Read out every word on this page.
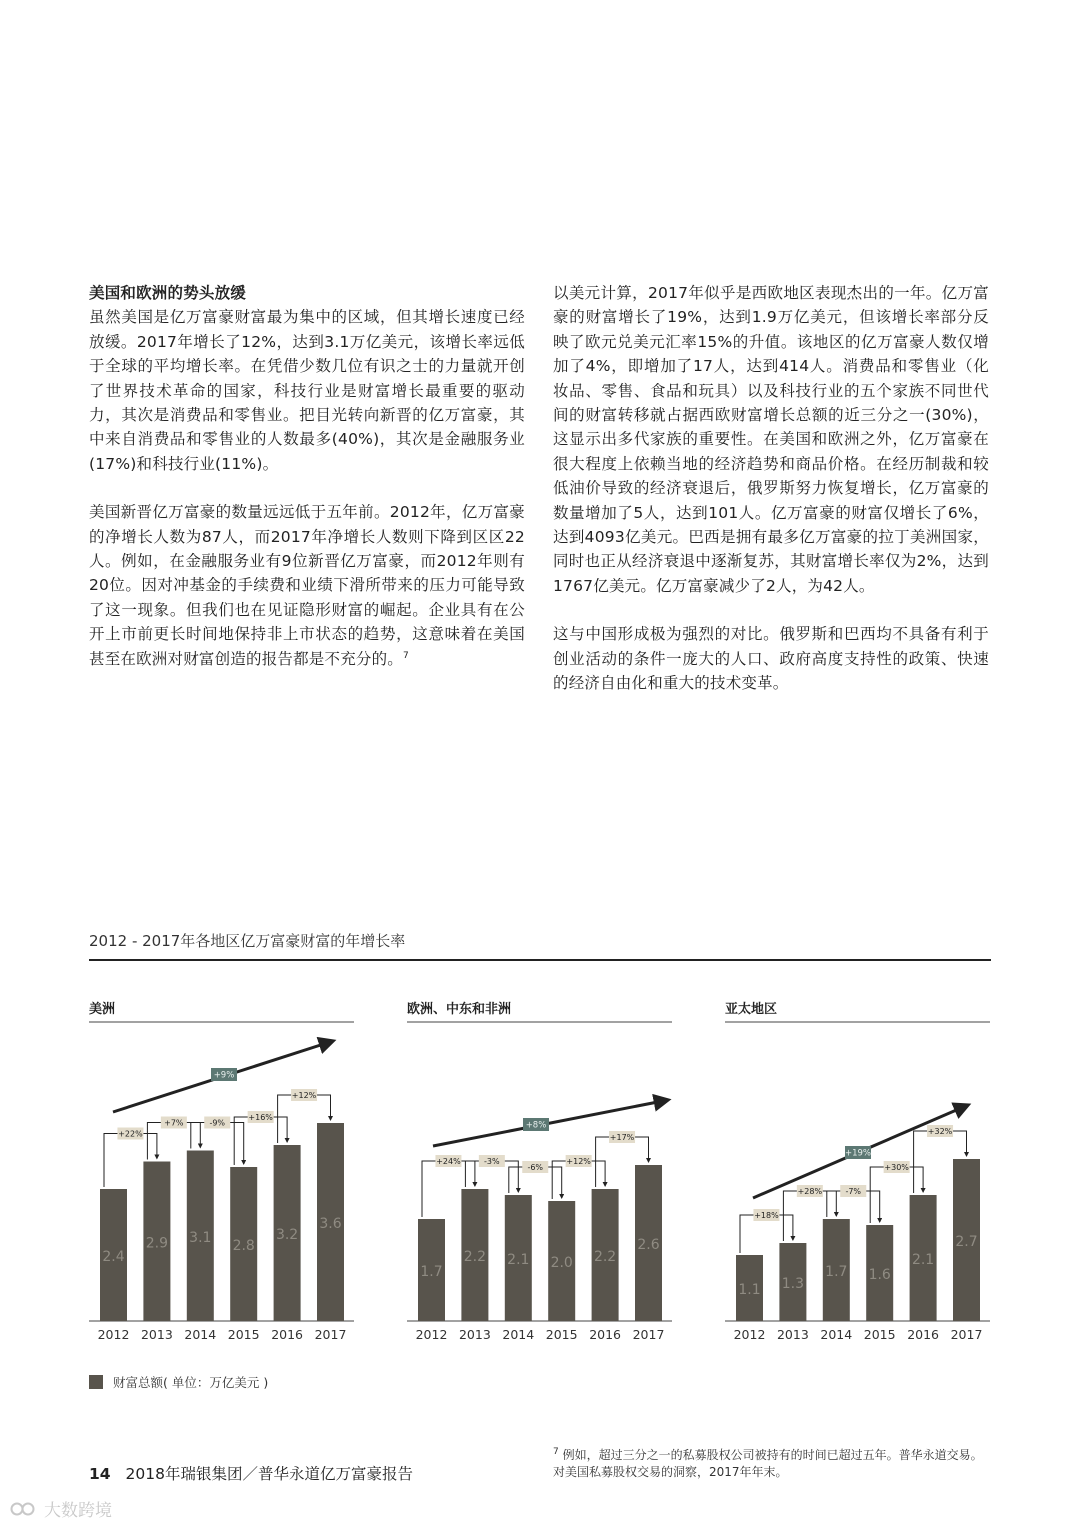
美国和欧洲的势头放缓

虽然美国是亿万富豪财富最为集中的区域，但其增长速度已经放缓。2017年增长了12%，达到3.1万亿美元，该增长率远低于全球的平均增长率。在凭借少数几位有识之士的力量就开创了世界技术革命的国家，科技行业是财富增长最重要的驱动力，其次是消费品和零售业。把目光转向新晋的亿万富豪，其中来自消费品和零售业的人数最多(40%)，其次是金融服务业(17%)和科技行业(11%)。

美国新晋亿万富豪的数量远远低于五年前。2012年，亿万富豪的净增长人数为87人，而2017年净增长人数则下降到区区22人。例如，在金融服务业有9位新晋亿万富豪，而2012年则有20位。因对冲基金的手续费和业绩下滑所带来的压力可能导致了这一现象。但我们也在见证隐形财富的崛起。企业具有在公开上市前更长时间地保持非上市状态的趋势，这意味着在美国甚至在欧洲对财富创造的报告都是不充分的。$^7$

以美元计算，2017年似乎是西欧地区表现杰出的一年。亿万富豪的财富增长了19%，达到1.9万亿美元，但该增长率部分反映了欧元兑美元汇率15%的升值。该地区的亿万富豪人数仅增加了4%，即增加了17人，达到414人。消费品和零售业（化妆品、零售、食品和玩具）以及科技行业的五个家族不同世代间的财富转移就占据西欧财富增长总额的近三分之一(30%)，这显示出多代家族的重要性。在美国和欧洲之外，亿万富豪在很大程度上依赖当地的经济趋势和商品价格。在经历制裁和较低油价导致的经济衰退后，俄罗斯努力恢复增长，亿万富豪的数量增加了5人，达到101人。亿万富豪的财富仅增长了6%，达到4093亿美元。巴西是拥有最多亿万富豪的拉丁美洲国家，同时也正从经济衰退中逐渐复苏，其财富增长率仅为2%，达到1767亿美元。亿万富豪减少了2人，为42人。

这与中国形成极为强烈的对比。俄罗斯和巴西均不具备有利于创业活动的条件一庞大的人口、政府高度支持性的政策、快速的经济自由化和重大的技术变革。

2012 - 2017年各地区亿万富豪财富的年增长率
美洲
+9%
2.4
2012
2.9
2013
3.1
2014
2.8
2015
3.2
2016
3.6
2017
+22%
+7%	-9%
+16%
+12%
欧洲、中东和非洲
+8%
1.7
2012
2.2
2013
2.1
2014
2.0
2015
2.2
2016
2.6
2017
+24%	-3%
-6%
+12%
+17%
亚太地区
+19%
1.1
2012
1.3
2013
1.7
2014
1.6
2015
2.1
2016
2.7
2017
+18%
+28%	-7%
+30%
+32%
财富总额( 单位：万亿美元 )
14 2018年瑞银集团／普华永道亿万富豪报告
$^7$ 例如，超过三分之一的私募股权公司被持有的时间已超过五年。普华永道交易。对美国私募股权交易的洞察，2017年年末。
大数跨境
